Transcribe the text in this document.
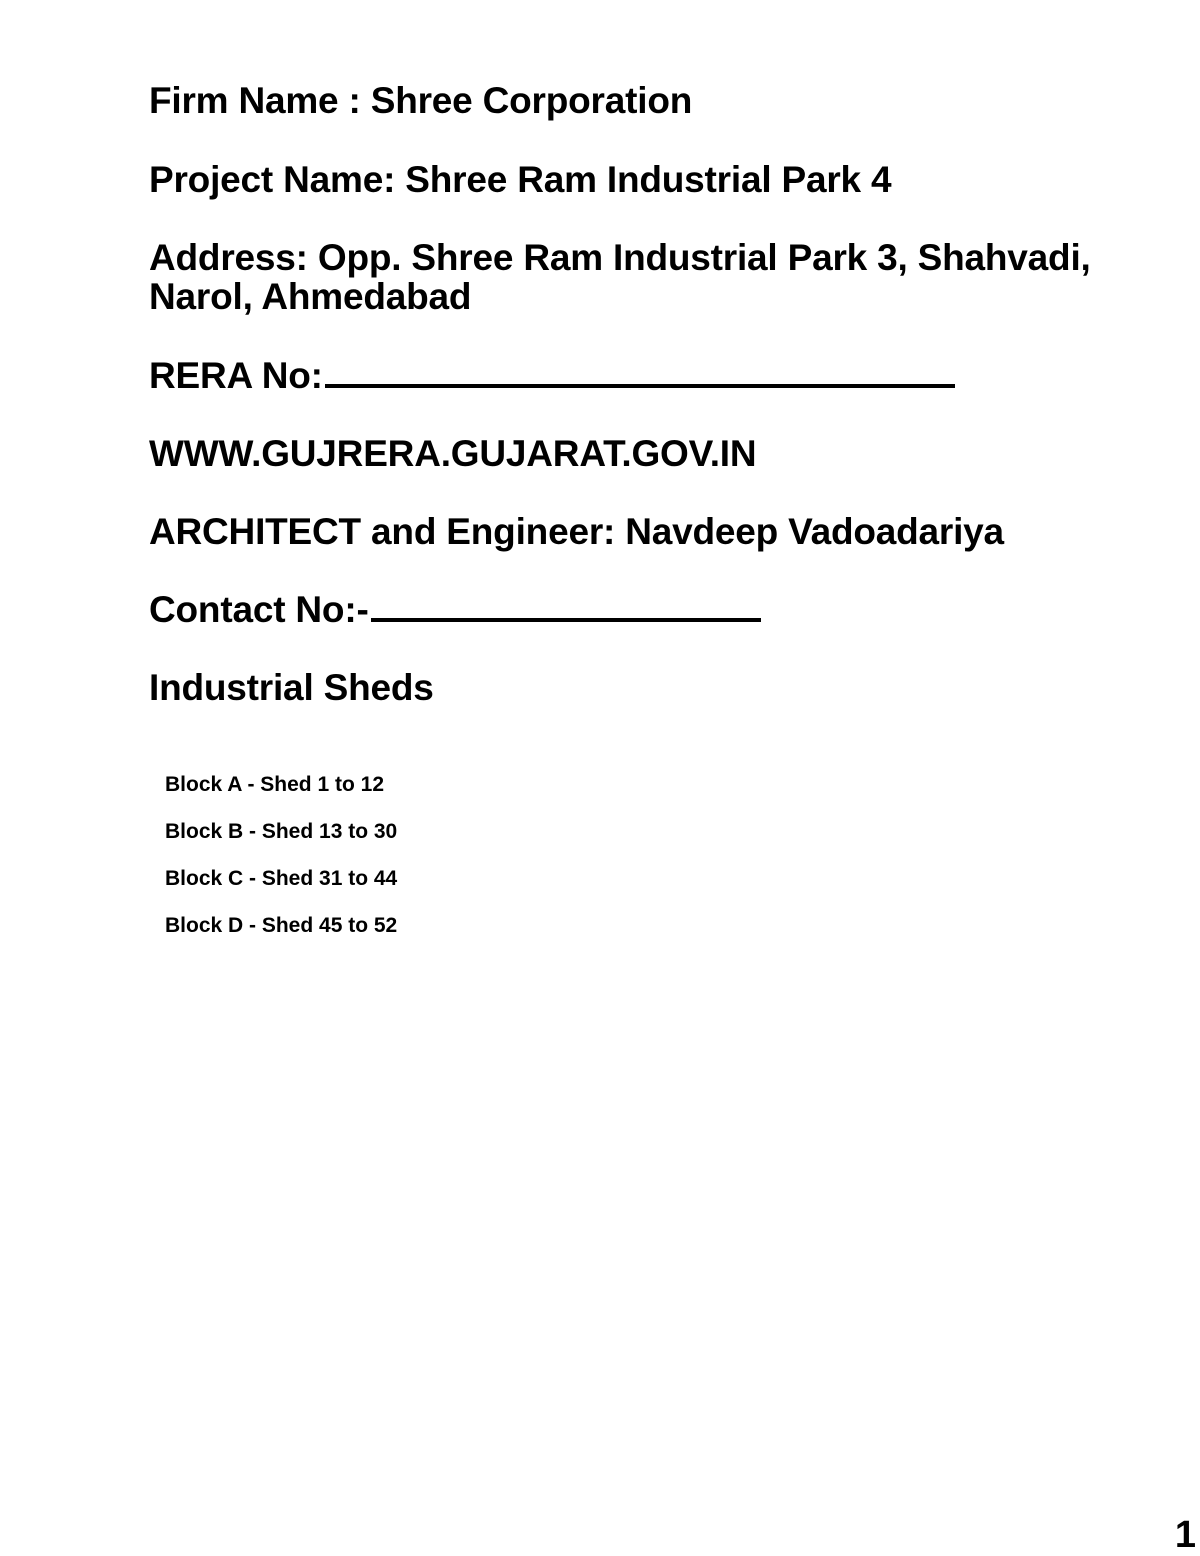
Firm Name : Shree Corporation
Project Name: Shree Ram Industrial Park 4
Address: Opp. Shree Ram Industrial Park 3, Shahvadi, Narol, Ahmedabad
RERA No:
WWW.GUJRERA.GUJARAT.GOV.IN
ARCHITECT and Engineer: Navdeep Vadoadariya
Contact No:-
Industrial Sheds
Block A - Shed 1 to 12
Block B - Shed 13 to 30
Block C - Shed 31 to 44
Block D - Shed 45 to 52
1
